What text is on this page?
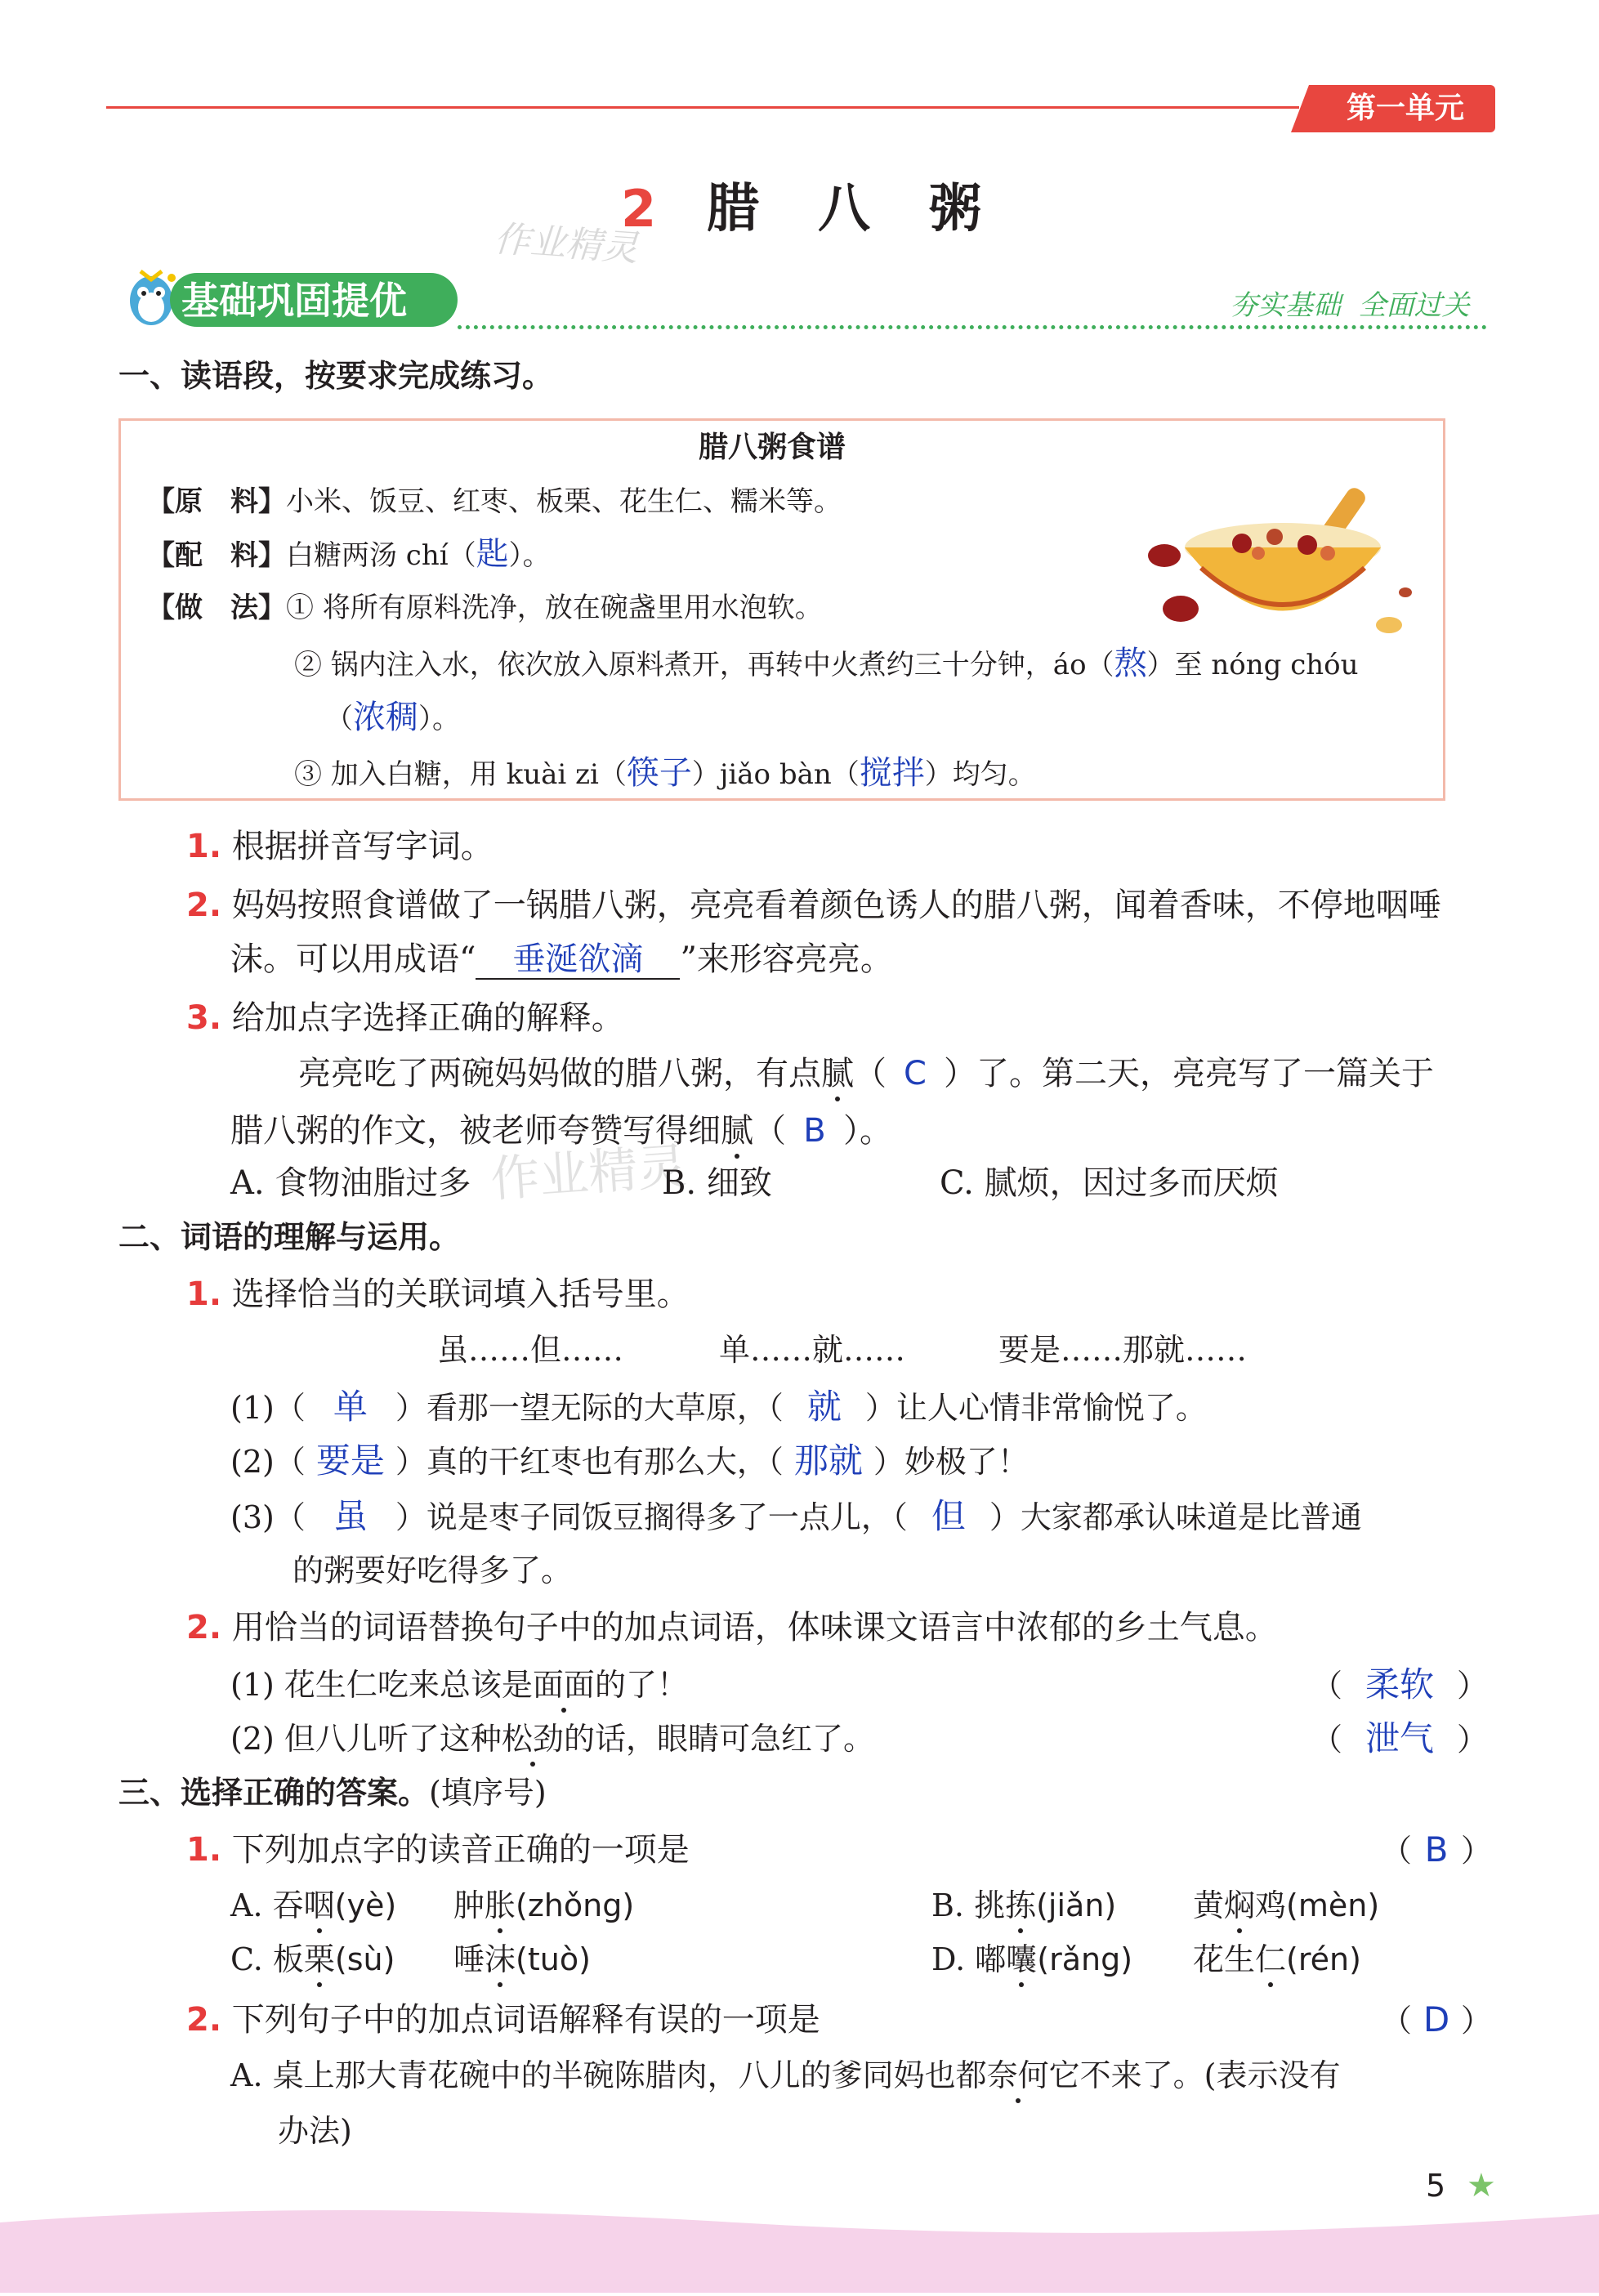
第一单元
2 腊　八　粥
作业精灵
基础巩固提优	夯实基础  全面过关
一、读语段，按要求完成练习。
腊八粥食谱
【原　料】小米、饭豆、红枣、板栗、花生仁、糯米等。
【配　料】白糖两汤 chí（匙）。
【做　法】① 将所有原料洗净，放在碗盏里用水泡软。
② 锅内注入水，依次放入原料煮开，再转中火煮约三十分钟，áo（熬）至 nóng chóu
（浓稠）。
③ 加入白糖，用 kuài zi（筷子）jiǎo bàn（搅拌）均匀。
1. 根据拼音写字词。
2. 妈妈按照食谱做了一锅腊八粥，亮亮看着颜色诱人的腊八粥，闻着香味，不停地咽唾
沫。可以用成语“ 垂涎欲滴 ”来形容亮亮。
3. 给加点字选择正确的解释。
亮亮吃了两碗妈妈做的腊八粥，有点腻（ C ）了。第二天，亮亮写了一篇关于
腊八粥的作文，被老师夸赞写得细腻（ B ）。
A. 食物油脂过多 作业精灵
B. 细致	C. 腻烦，因过多而厌烦
二、词语的理解与运用。
1. 选择恰当的关联词填入括号里。
虽……但……	单……就……	要是……那就……
(1)（ 单 ）看那一望无际的大草原，（ 就 ）让人心情非常愉悦了。
(2)（ 要是 ）真的干红枣也有那么大，（ 那就 ）妙极了！
(3)（ 虽 ）说是枣子同饭豆搁得多了一点儿，（ 但 ）大家都承认味道是比普通
的粥要好吃得多了。
2. 用恰当的词语替换句子中的加点词语，体味课文语言中浓郁的乡土气息。
(1) 花生仁吃来总该是面面的了！	（ 柔软 ）
(2) 但八儿听了这种松劲的话，眼睛可急红了。	（ 泄气 ）
三、选择正确的答案。(填序号)
1. 下列加点字的读音正确的一项是	（ B ）
A. 吞咽(yè) 肿胀(zhǒng)	B. 挑拣(jiǎn) 黄焖鸡(mèn)
C. 板栗(sù) 唾沫(tuò)	D. 嘟囔(rǎng) 花生仁(rén)
2. 下列句子中的加点词语解释有误的一项是	（ D ）
A. 桌上那大青花碗中的半碗陈腊肉，八儿的爹同妈也都奈何它不来了。(表示没有
办法)
5 ★
